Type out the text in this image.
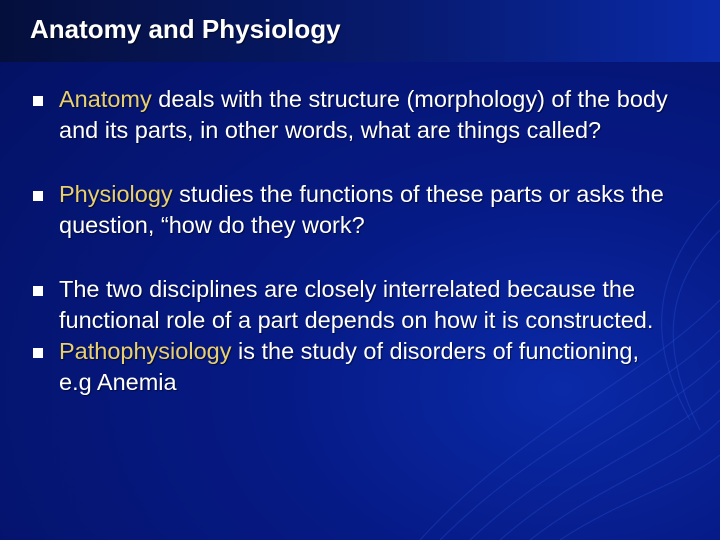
Anatomy and Physiology
Anatomy deals with the structure (morphology) of the body and its parts, in other words, what are things called?
Physiology studies the functions of these parts or asks the question, “how do they work?
The two disciplines are closely interrelated because the functional role of a part depends on how it is constructed.
Pathophysiology is the study of disorders of functioning, e.g Anemia
